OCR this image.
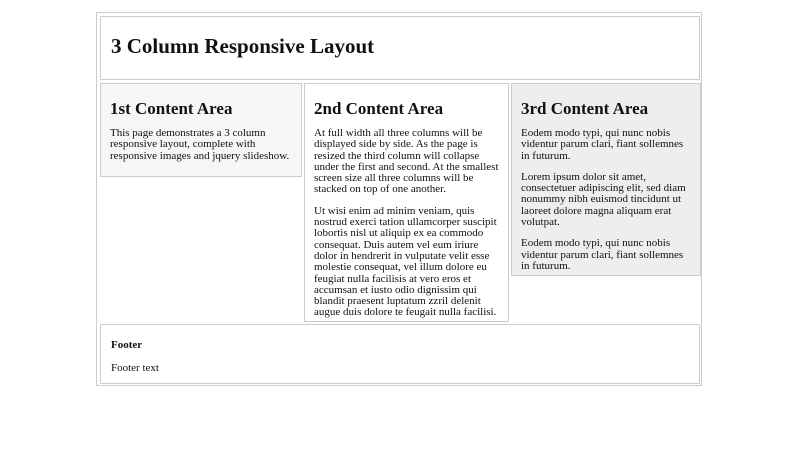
3 Column Responsive Layout
1st Content Area

This page demonstrates a 3 column responsive layout, complete with responsive images and jquery slideshow.

2nd Content Area

At full width all three columns will be displayed side by side. As the page is resized the third column will collapse under the first and second. At the smallest screen size all three columns will be stacked on top of one another.

Ut wisi enim ad minim veniam, quis nostrud exerci tation ullamcorper suscipit lobortis nisl ut aliquip ex ea commodo consequat. Duis autem vel eum iriure dolor in hendrerit in vulputate velit esse molestie consequat, vel illum dolore eu feugiat nulla facilisis at vero eros et accumsan et iusto odio dignissim qui blandit praesent luptatum zzril delenit augue duis dolore te feugait nulla facilisi.

3rd Content Area

Eodem modo typi, qui nunc nobis videntur parum clari, fiant sollemnes in futurum.

Lorem ipsum dolor sit amet, consectetuer adipiscing elit, sed diam nonummy nibh euismod tincidunt ut laoreet dolore magna aliquam erat volutpat.

Eodem modo typi, qui nunc nobis videntur parum clari, fiant sollemnes in futurum.

Footer
Footer text
